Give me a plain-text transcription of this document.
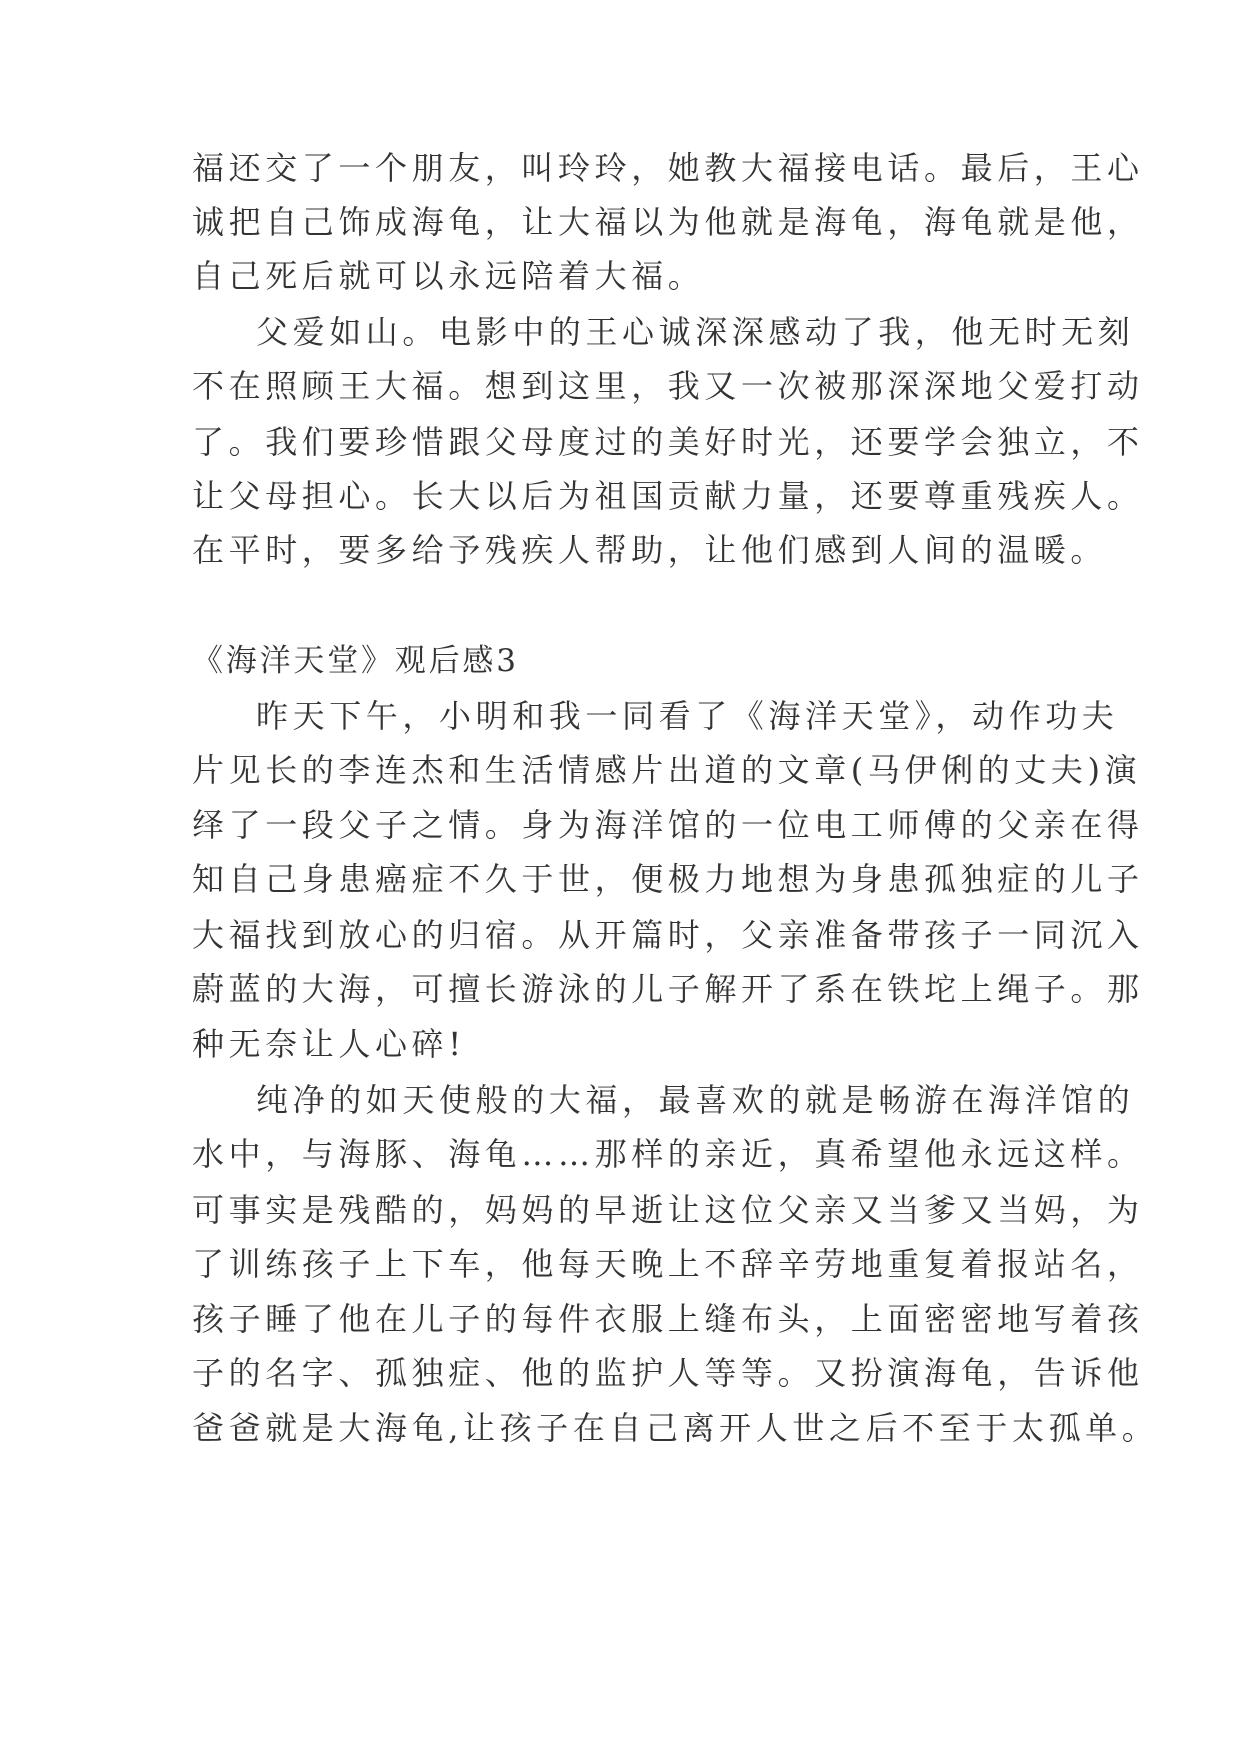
福还交了一个朋友，叫玲玲，她教大福接电话。最后，王心

诚把自己饰成海龟，让大福以为他就是海龟，海龟就是他，

自己死后就可以永远陪着大福。

父爱如山。电影中的王心诚深深感动了我，他无时无刻

不在照顾王大福。想到这里，我又一次被那深深地父爱打动

了。我们要珍惜跟父母度过的美好时光，还要学会独立，不

让父母担心。长大以后为祖国贡献力量，还要尊重残疾人。

在平时，要多给予残疾人帮助，让他们感到人间的温暖。

《海洋天堂》观后感3

昨天下午，小明和我一同看了《海洋天堂》，动作功夫

片见长的李连杰和生活情感片出道的文章(马伊俐的丈夫)演

绎了一段父子之情。身为海洋馆的一位电工师傅的父亲在得

知自己身患癌症不久于世，便极力地想为身患孤独症的儿子

大福找到放心的归宿。从开篇时，父亲准备带孩子一同沉入

蔚蓝的大海，可擅长游泳的儿子解开了系在铁坨上绳子。那

种无奈让人心碎!

纯净的如天使般的大福，最喜欢的就是畅游在海洋馆的

水中，与海豚、海龟……那样的亲近，真希望他永远这样。

可事实是残酷的，妈妈的早逝让这位父亲又当爹又当妈，为

了训练孩子上下车，他每天晚上不辞辛劳地重复着报站名，

孩子睡了他在儿子的每件衣服上缝布头，上面密密地写着孩

子的名字、孤独症、他的监护人等等。又扮演海龟，告诉他

爸爸就是大海龟,让孩子在自己离开人世之后不至于太孤单。
